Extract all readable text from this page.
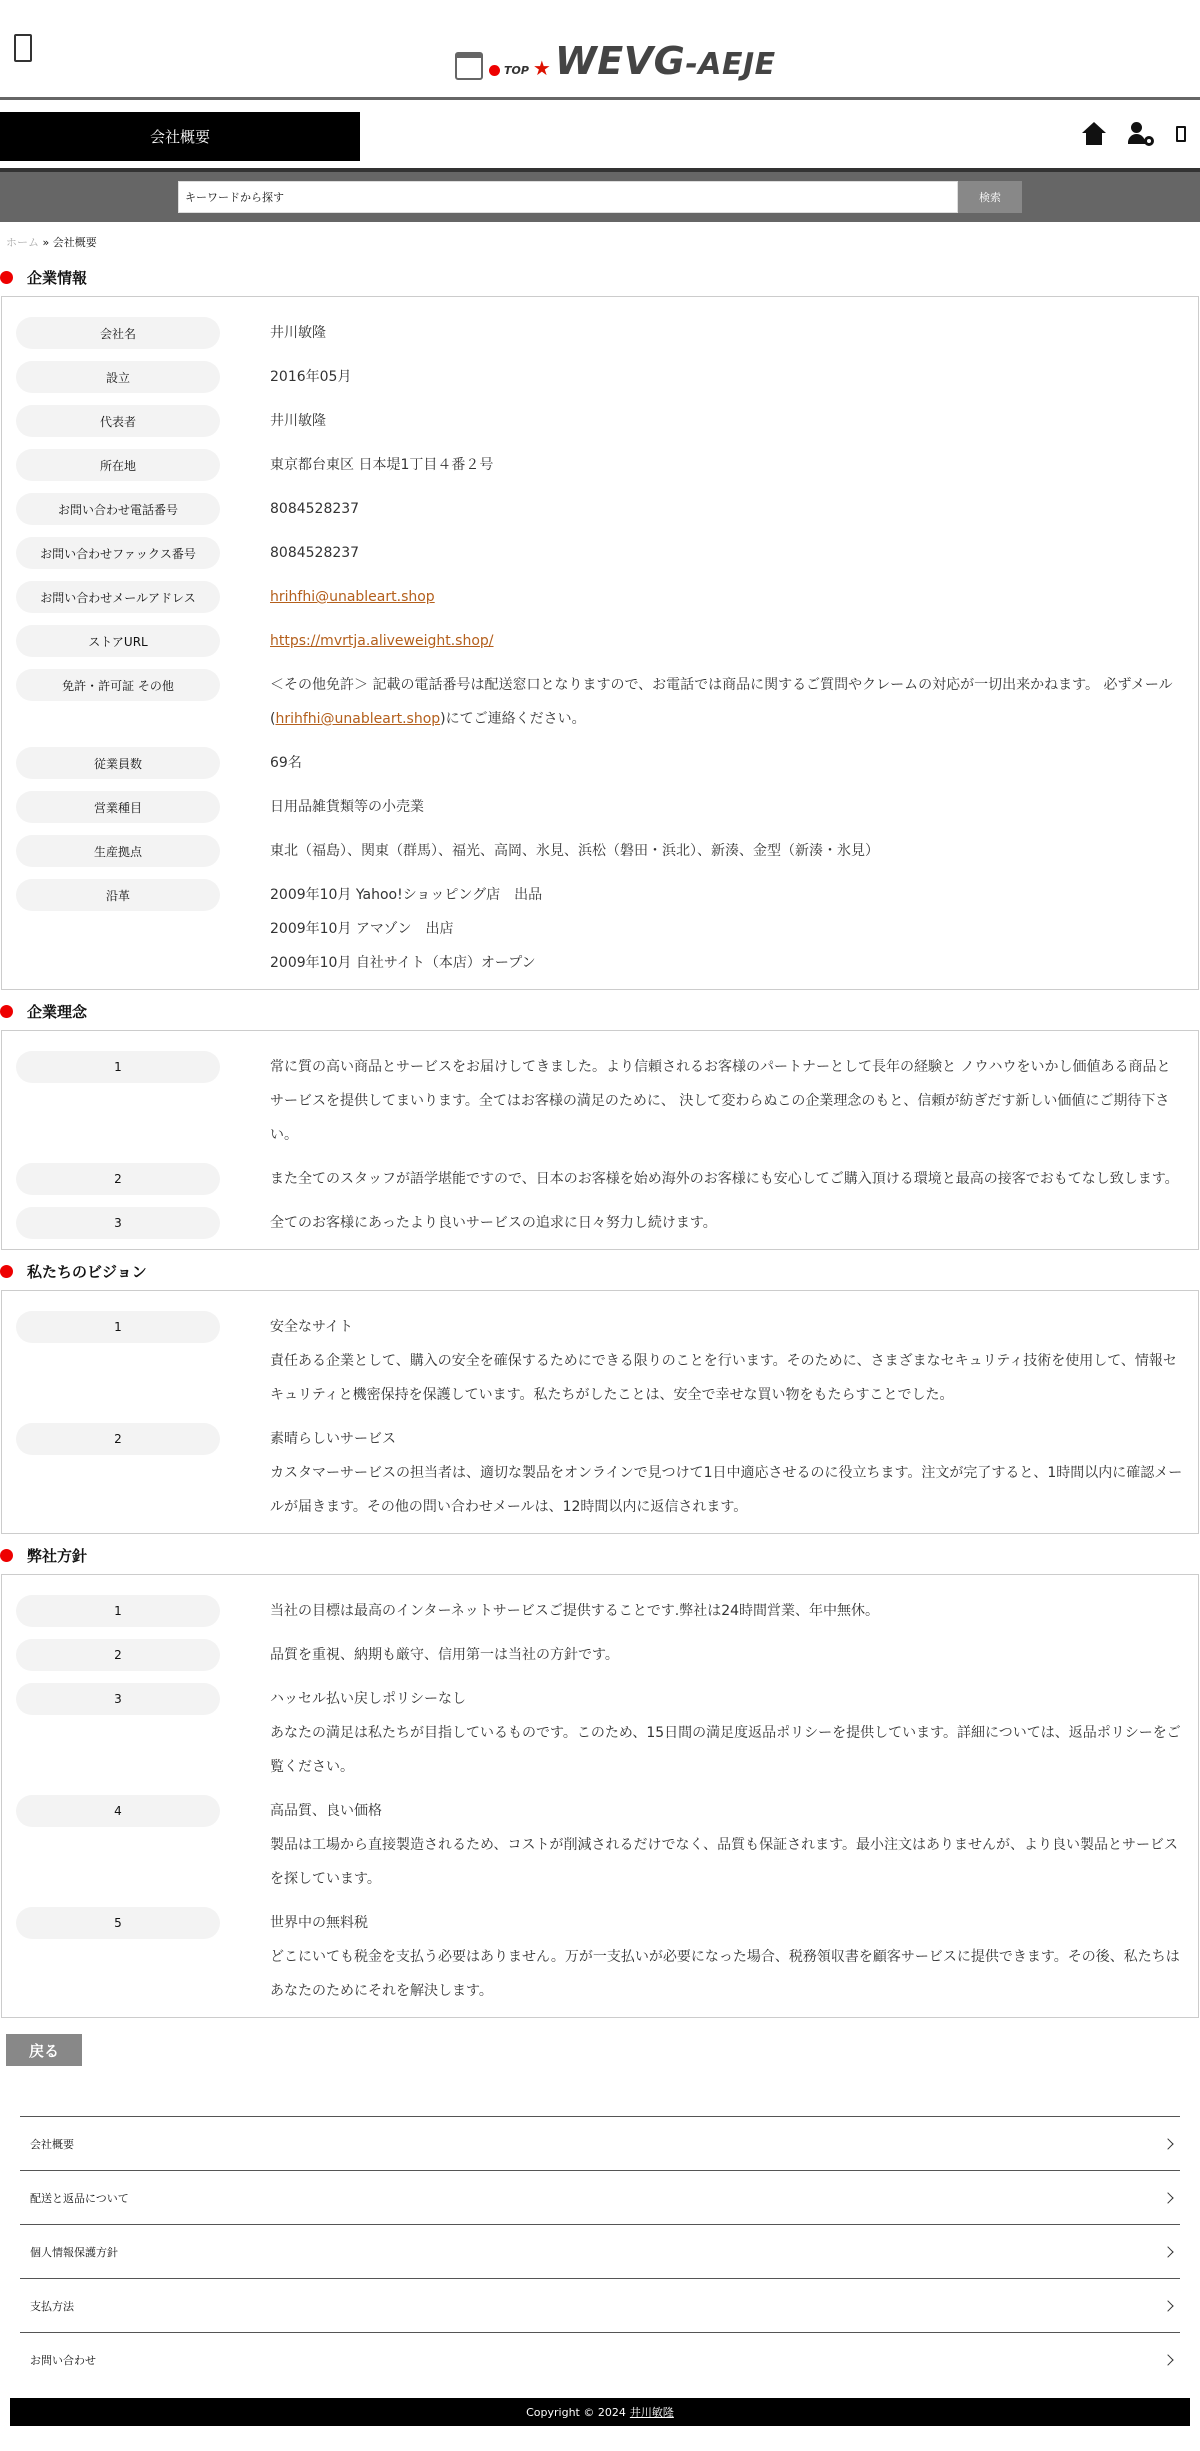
TOP ★ WEVG-AEJE
会社概要
キーワードから探す
検索
ホーム » 会社概要
企業情報
会社名	井川敏隆
設立	2016年05月
代表者	井川敏隆
所在地	東京都台東区 日本堤1丁目４番２号
お問い合わせ電話番号	8084528237
お問い合わせファックス番号	8084528237
お問い合わせメールアドレス	hrihfhi@unableart.shop
ストアURL	https://mvrtja.aliveweight.shop/
免許・許可証 その他	＜その他免許＞ 記載の電話番号は配送窓口となりますので、お電話では商品に関するご質問やクレームの対応が一切出来かねます。 必ずメール(hrihfhi@unableart.shop)にてご連絡ください。
従業員数	69名
営業種目	日用品雑貨類等の小売業
生産拠点	東北（福島）、関東（群馬）、福光、高岡、氷見、浜松（磐田・浜北）、新湊、金型（新湊・氷見）
沿革	2009年10月 Yahoo!ショッピング店　出品
2009年10月 アマゾン　出店
2009年10月 自社サイト（本店）オープン
企業理念
1	常に質の高い商品とサービスをお届けしてきました。より信頼されるお客様のパートナーとして長年の経験と ノウハウをいかし価値ある商品とサービスを提供してまいります。全てはお客様の満足のために、 決して変わらぬこの企業理念のもと、信頼が紡ぎだす新しい価値にご期待下さい。
2	また全てのスタッフが語学堪能ですので、日本のお客様を始め海外のお客様にも安心してご購入頂ける環境と最高の接客でおもてなし致します。
3	全てのお客様にあったより良いサービスの追求に日々努力し続けます。
私たちのビジョン
1	安全なサイト
責任ある企業として、購入の安全を確保するためにできる限りのことを行います。そのために、さまざまなセキュリティ技術を使用して、情報セキュリティと機密保持を保護しています。私たちがしたことは、安全で幸せな買い物をもたらすことでした。
2	素晴らしいサービス
カスタマーサービスの担当者は、適切な製品をオンラインで見つけて1日中適応させるのに役立ちます。注文が完了すると、1時間以内に確認メールが届きます。その他の問い合わせメールは、12時間以内に返信されます。
弊社方針
1	当社の目標は最高のインターネットサービスご提供することです.弊社は24時間営業、年中無休。
2	品質を重視、納期も厳守、信用第一は当社の方針です。
3	ハッセル払い戻しポリシーなし
あなたの満足は私たちが目指しているものです。このため、15日間の満足度返品ポリシーを提供しています。詳細については、返品ポリシーをご覧ください。
4	高品質、良い価格
製品は工場から直接製造されるため、コストが削減されるだけでなく、品質も保証されます。最小注文はありませんが、より良い製品とサービスを探しています。
5	世界中の無料税
どこにいても税金を支払う必要はありません。万が一支払いが必要になった場合、税務領収書を顧客サービスに提供できます。その後、私たちはあなたのためにそれを解決します。
戻る
会社概要
配送と返品について
個人情報保護方針
支払方法
お問い合わせ
Copyright © 2024 井川敏隆
